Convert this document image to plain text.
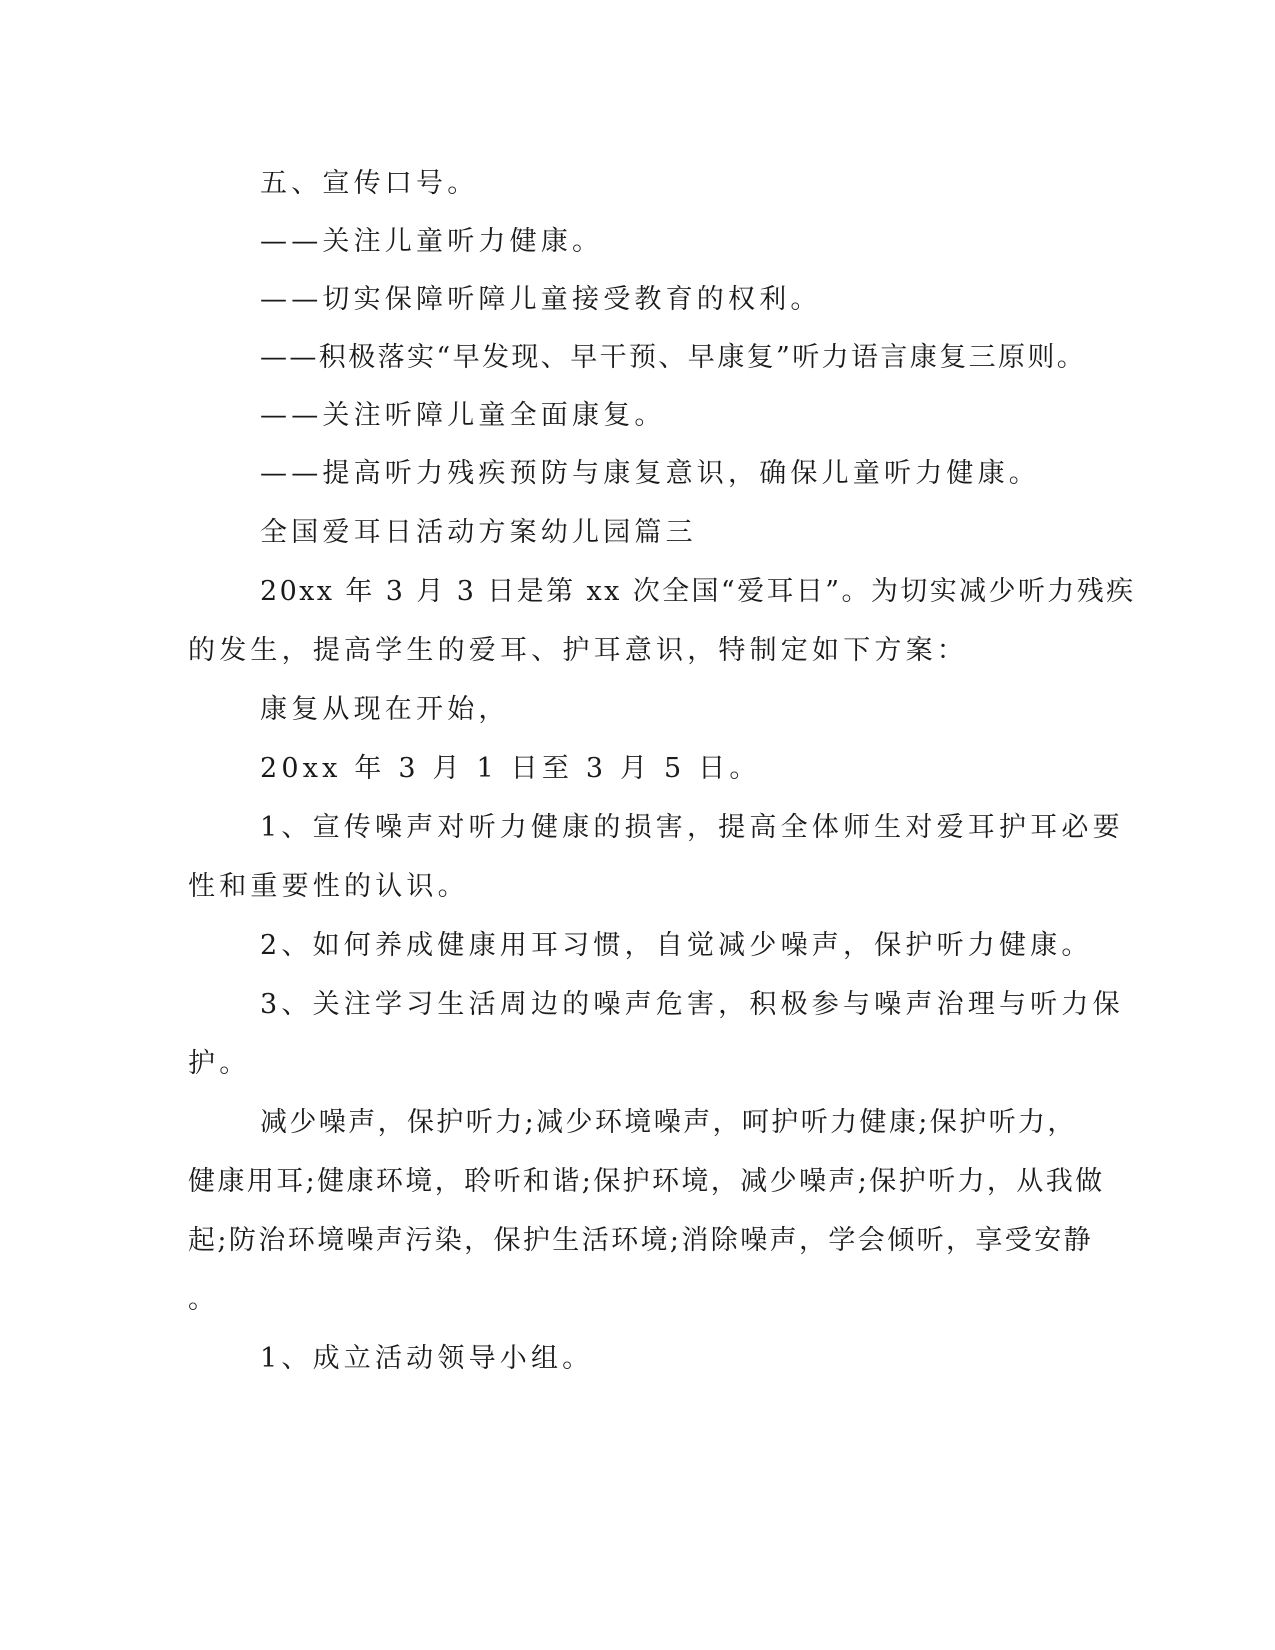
五、宣传口号。
——关注儿童听力健康。
——切实保障听障儿童接受教育的权利。
——积极落实“早发现、早干预、早康复”听力语言康复三原则。
——关注听障儿童全面康复。
——提高听力残疾预防与康复意识，确保儿童听力健康。
全国爱耳日活动方案幼儿园篇三
20xx 年 3 月 3 日是第 xx 次全国“爱耳日”。为切实减少听力残疾
的发生，提高学生的爱耳、护耳意识，特制定如下方案：
康复从现在开始，
20xx 年 3 月 1 日至 3 月 5 日。
1、宣传噪声对听力健康的损害，提高全体师生对爱耳护耳必要
性和重要性的认识。
2、如何养成健康用耳习惯，自觉减少噪声，保护听力健康。
3、关注学习生活周边的噪声危害，积极参与噪声治理与听力保
护。
减少噪声，保护听力;减少环境噪声，呵护听力健康;保护听力，
健康用耳;健康环境，聆听和谐;保护环境，减少噪声;保护听力，从我做
起;防治环境噪声污染，保护生活环境;消除噪声，学会倾听，享受安静
。
1、成立活动领导小组。
